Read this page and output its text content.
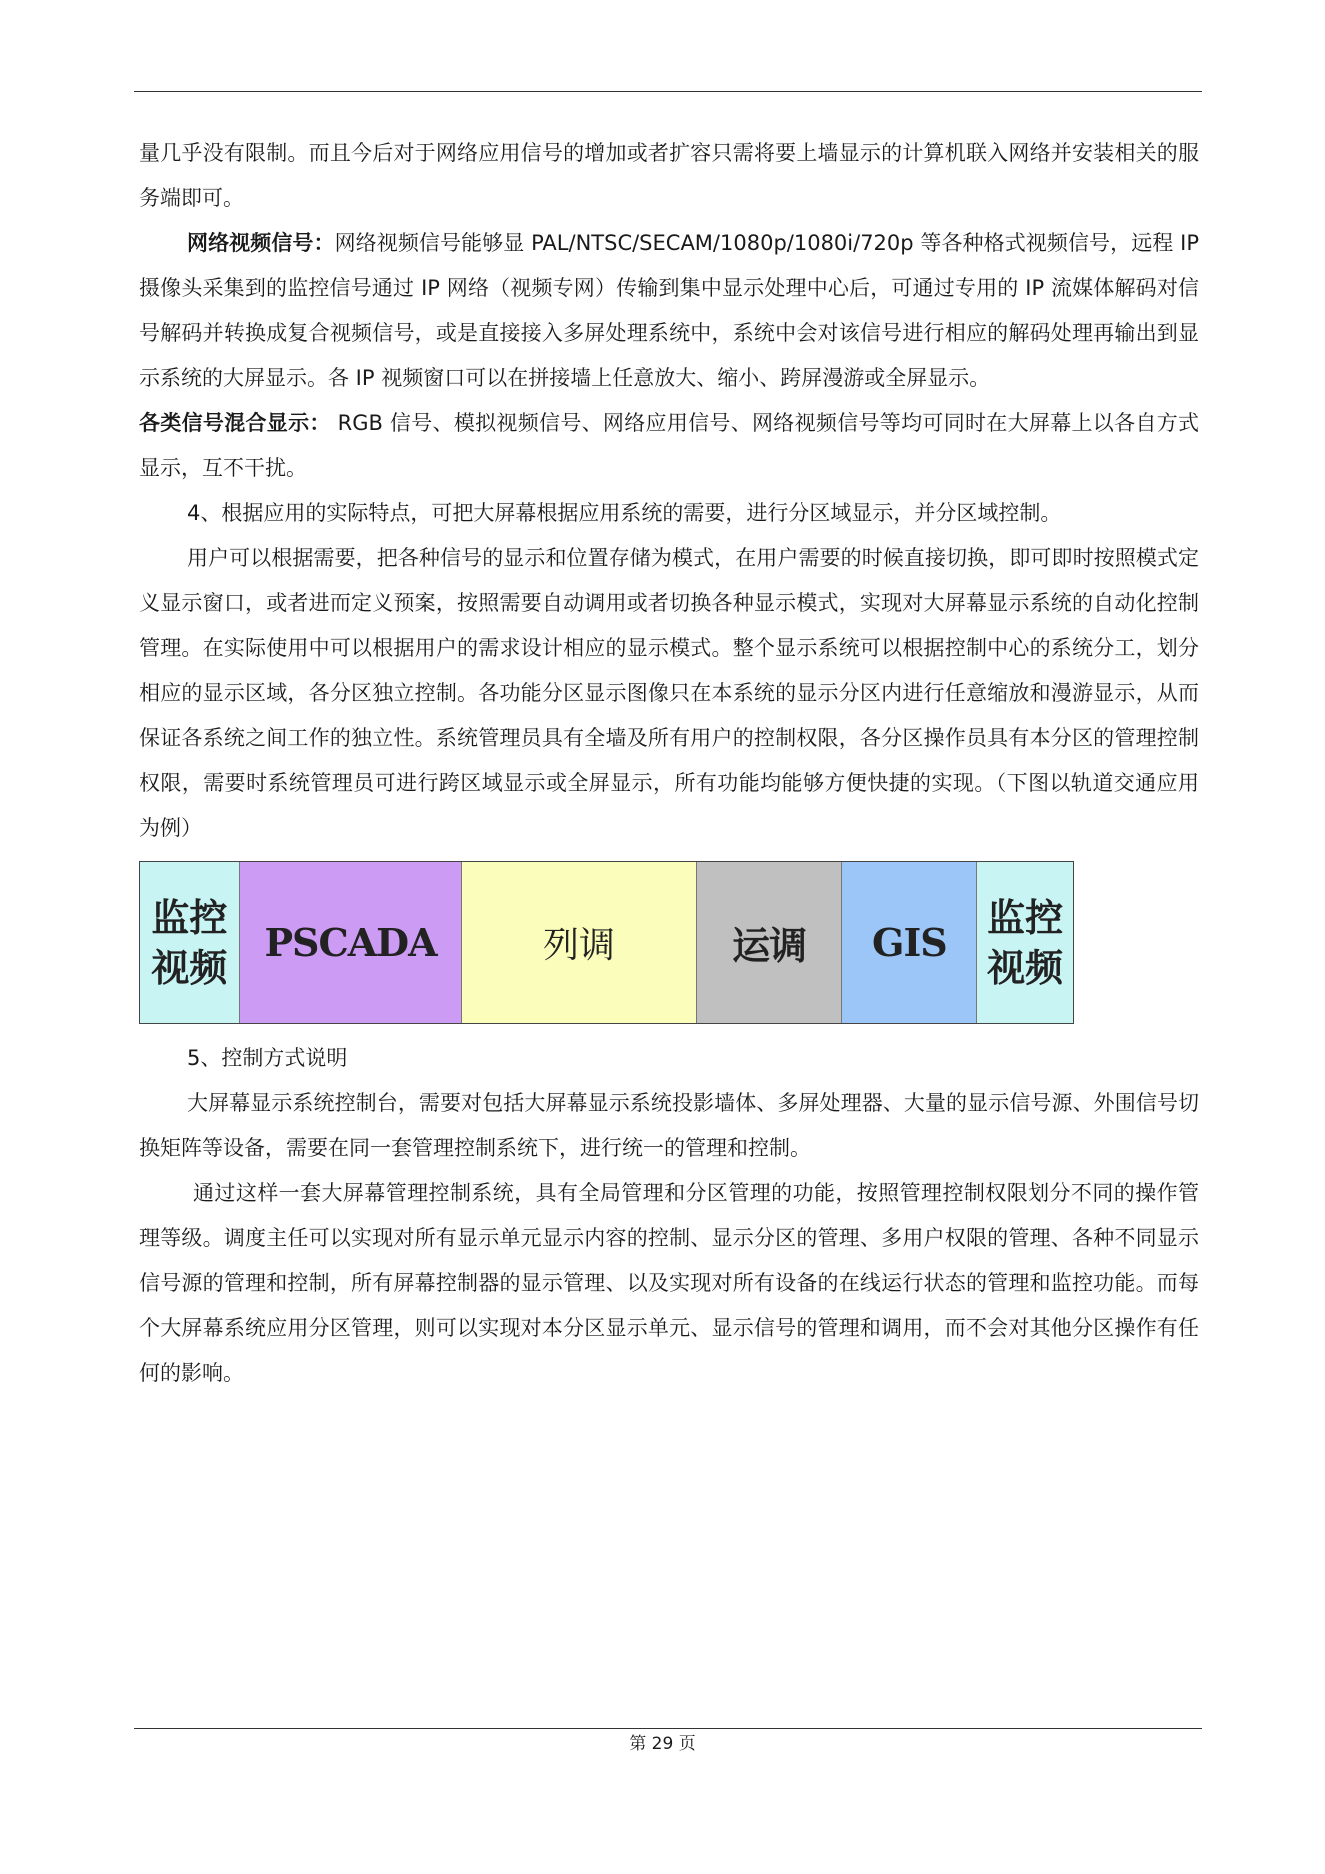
量几乎没有限制。而且今后对于网络应用信号的增加或者扩容只需将要上墙显示的计算机联入网络并安装相关的服务端即可。

网络视频信号：网络视频信号能够显 PAL/NTSC/SECAM/1080p/1080i/720p 等各种格式视频信号，远程 IP 摄像头采集到的监控信号通过 IP 网络（视频专网）传输到集中显示处理中心后，可通过专用的 IP 流媒体解码对信号解码并转换成复合视频信号，或是直接接入多屏处理系统中，系统中会对该信号进行相应的解码处理再输出到显示系统的大屏显示。各 IP 视频窗口可以在拼接墙上任意放大、缩小、跨屏漫游或全屏显示。

各类信号混合显示： RGB 信号、模拟视频信号、网络应用信号、网络视频信号等均可同时在大屏幕上以各自方式显示，互不干扰。

4、根据应用的实际特点，可把大屏幕根据应用系统的需要，进行分区域显示，并分区域控制。

用户可以根据需要，把各种信号的显示和位置存储为模式，在用户需要的时候直接切换，即可即时按照模式定义显示窗口，或者进而定义预案，按照需要自动调用或者切换各种显示模式，实现对大屏幕显示系统的自动化控制管理。在实际使用中可以根据用户的需求设计相应的显示模式。整个显示系统可以根据控制中心的系统分工，划分相应的显示区域，各分区独立控制。各功能分区显示图像只在本系统的显示分区内进行任意缩放和漫游显示，从而保证各系统之间工作的独立性。系统管理员具有全墙及所有用户的控制权限，各分区操作员具有本分区的管理控制权限，需要时系统管理员可进行跨区域显示或全屏显示，所有功能均能够方便快捷的实现。（下图以轨道交通应用为例）

监控
视频
PSCADA	列调	运调 GIS
监控
视频

5、控制方式说明

大屏幕显示系统控制台，需要对包括大屏幕显示系统投影墙体、多屏处理器、大量的显示信号源、外围信号切换矩阵等设备，需要在同一套管理控制系统下，进行统一的管理和控制。

通过这样一套大屏幕管理控制系统，具有全局管理和分区管理的功能，按照管理控制权限划分不同的操作管理等级。调度主任可以实现对所有显示单元显示内容的控制、显示分区的管理、多用户权限的管理、各种不同显示信号源的管理和控制，所有屏幕控制器的显示管理、以及实现对所有设备的在线运行状态的管理和监控功能。而每个大屏幕系统应用分区管理，则可以实现对本分区显示单元、显示信号的管理和调用，而不会对其他分区操作有任何的影响。

第 29 页
